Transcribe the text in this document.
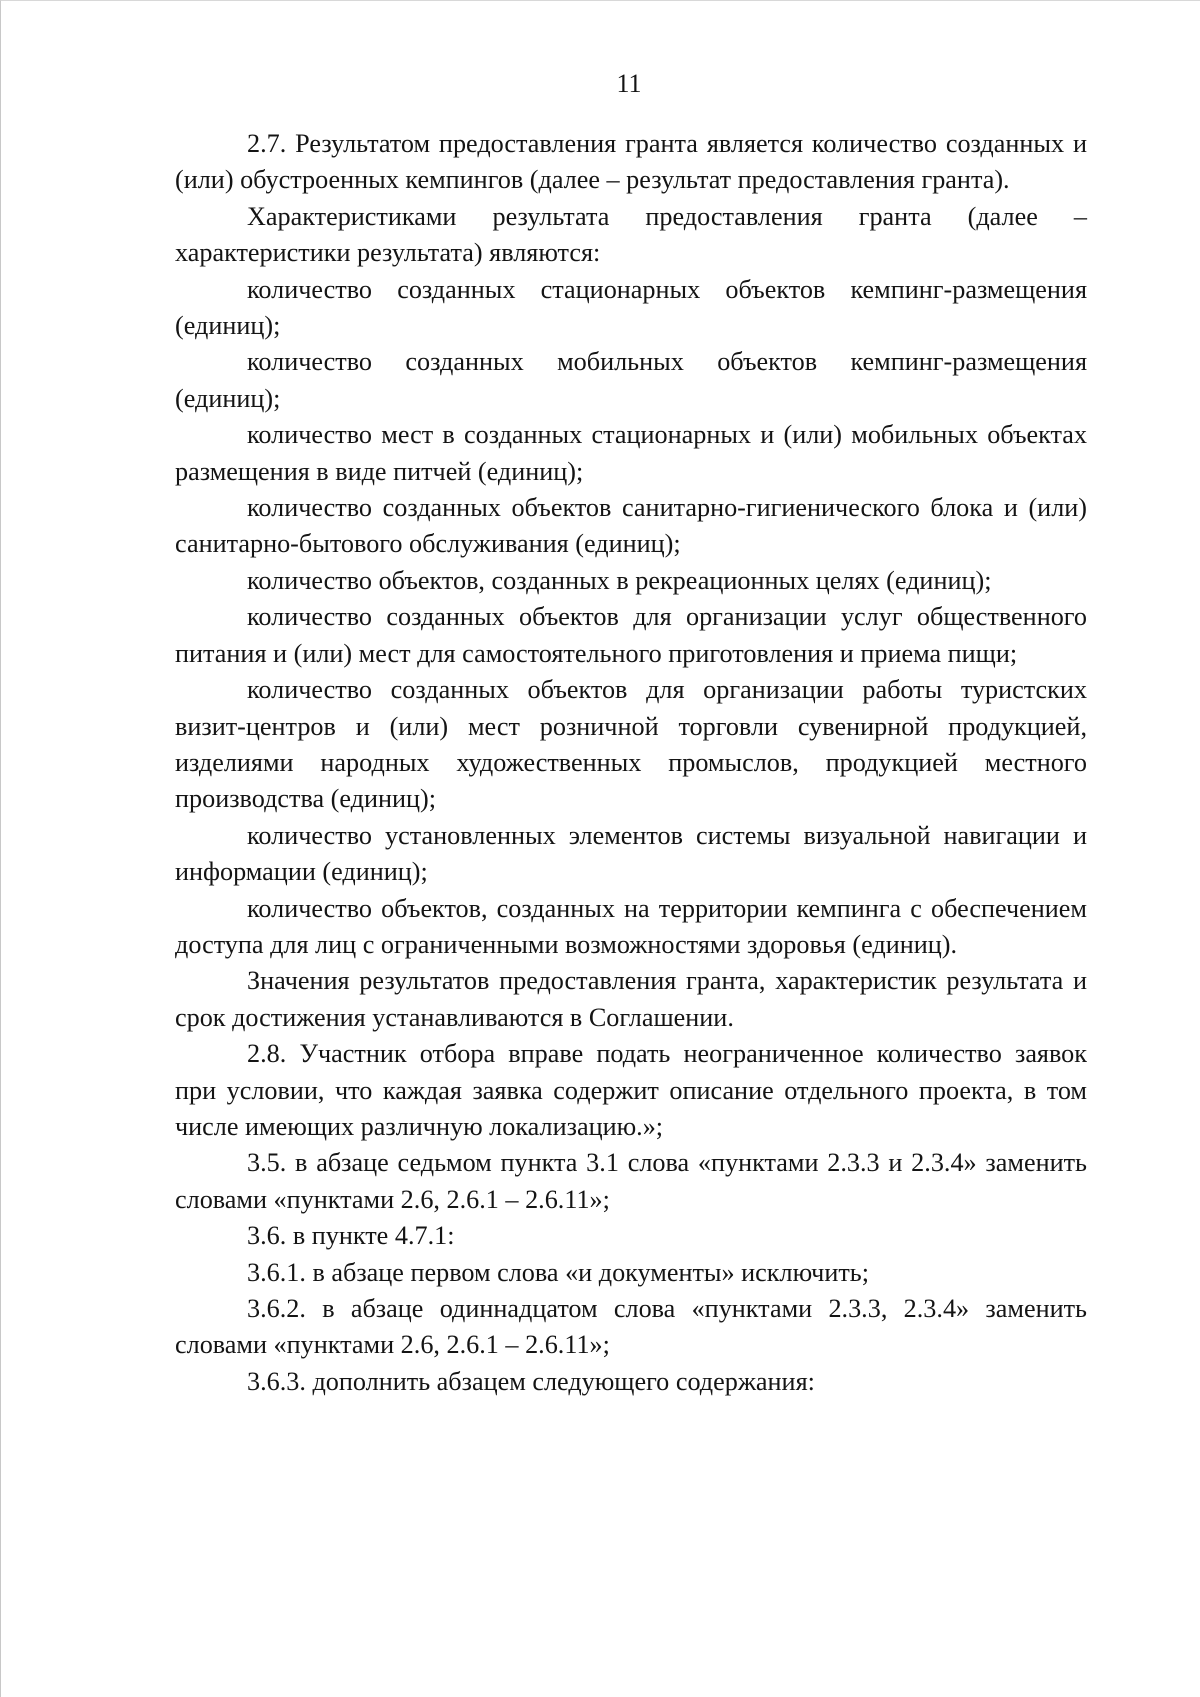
11

2.7. Результатом предоставления гранта является количество созданных и (или) обустроенных кемпингов (далее – результат предоставления гранта).

Характеристиками результата предоставления гранта (далее – характеристики результата) являются:

количество созданных стационарных объектов кемпинг-размещения (единиц);

количество созданных мобильных объектов кемпинг-размещения (единиц);

количество мест в созданных стационарных и (или) мобильных объектах размещения в виде питчей (единиц);

количество созданных объектов санитарно-гигиенического блока и (или) санитарно-бытового обслуживания (единиц);

количество объектов, созданных в рекреационных целях (единиц);

количество созданных объектов для организации услуг общественного питания и (или) мест для самостоятельного приготовления и приема пищи;

количество созданных объектов для организации работы туристских визит-центров и (или) мест розничной торговли сувенирной продукцией, изделиями народных художественных промыслов, продукцией местного производства (единиц);

количество установленных элементов системы визуальной навигации и информации (единиц);

количество объектов, созданных на территории кемпинга с обеспечением доступа для лиц с ограниченными возможностями здоровья (единиц).

Значения результатов предоставления гранта, характеристик результата и срок достижения устанавливаются в Соглашении.

2.8. Участник отбора вправе подать неограниченное количество заявок при условии, что каждая заявка содержит описание отдельного проекта, в том числе имеющих различную локализацию.»;

3.5. в абзаце седьмом пункта 3.1 слова «пунктами 2.3.3 и 2.3.4» заменить словами «пунктами 2.6, 2.6.1 – 2.6.11»;

3.6. в пункте 4.7.1:

3.6.1. в абзаце первом слова «и документы» исключить;

3.6.2. в абзаце одиннадцатом слова «пунктами 2.3.3, 2.3.4» заменить словами «пунктами 2.6, 2.6.1 – 2.6.11»;

3.6.3. дополнить абзацем следующего содержания:
